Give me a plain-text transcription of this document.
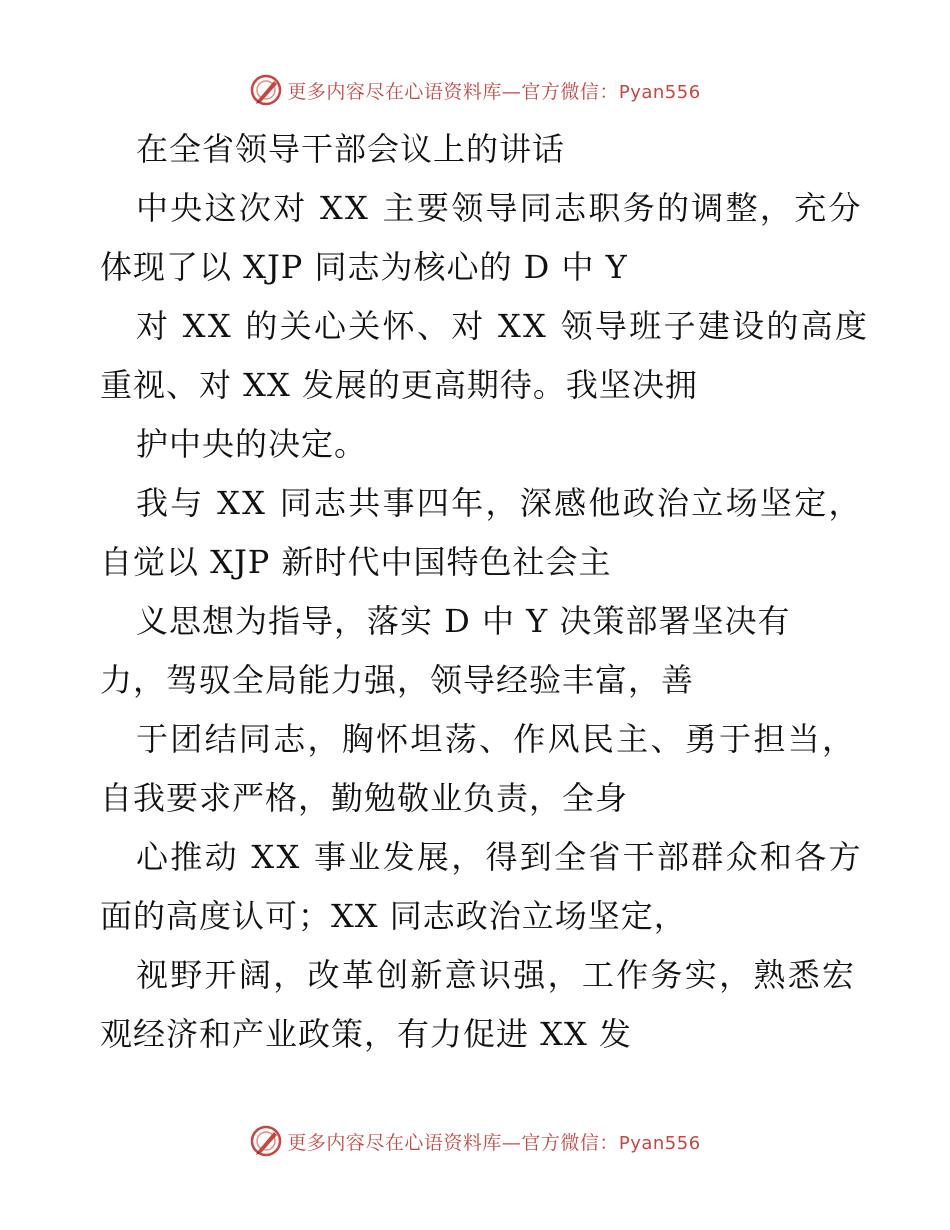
更多内容尽在心语资料库—官方微信：Pyan556
在全省领导干部会议上的讲话
中央这次对 XX 主要领导同志职务的调整，充分
体现了以 XJP 同志为核心的 D 中 Y
对 XX 的关心关怀、对 XX 领导班子建设的高度
重视、对 XX 发展的更高期待。我坚决拥
护中央的决定。
我与 XX 同志共事四年，深感他政治立场坚定，
自觉以 XJP 新时代中国特色社会主
义思想为指导，落实 D 中 Y 决策部署坚决有
力，驾驭全局能力强，领导经验丰富，善
于团结同志，胸怀坦荡、作风民主、勇于担当，
自我要求严格，勤勉敬业负责，全身
心推动 XX 事业发展，得到全省干部群众和各方
面的高度认可；XX 同志政治立场坚定，
视野开阔，改革创新意识强，工作务实，熟悉宏
观经济和产业政策，有力促进 XX 发
更多内容尽在心语资料库—官方微信：Pyan556
